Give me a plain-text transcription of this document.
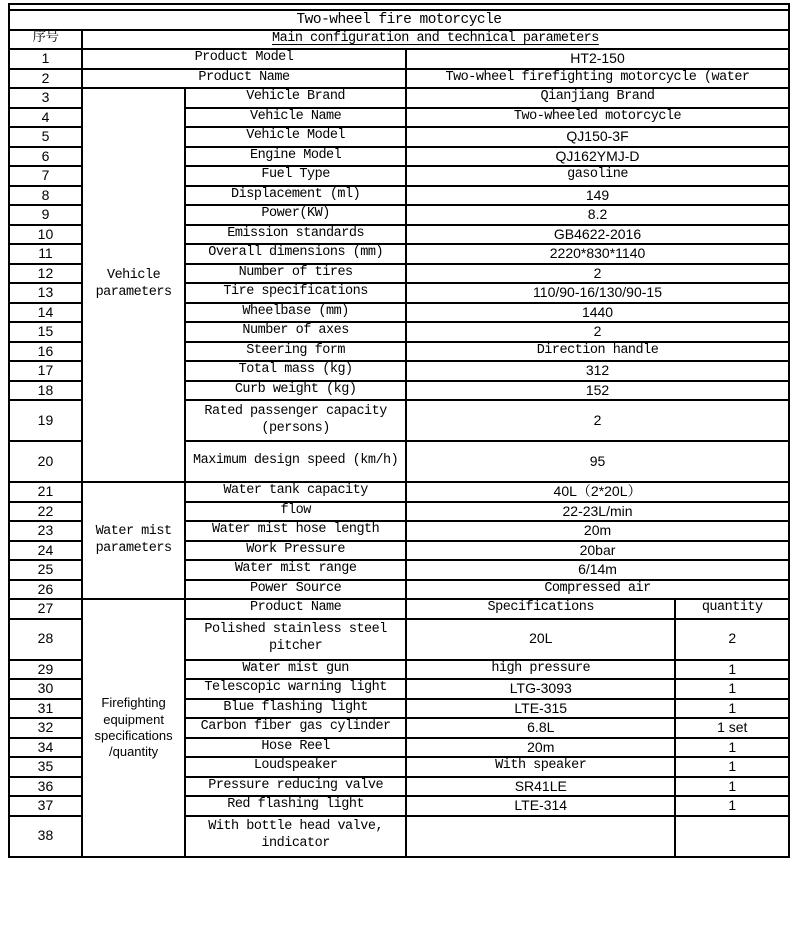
Two-wheel fire motorcycle				
序号	Main configuration and technical parameters			
1	Product Model		HT2-150	
2	Product Name		Two-wheel firefighting motorcycle (water	
3	Vehicle parameters	Vehicle Brand	Qianjiang Brand	
4		Vehicle Name	Two-wheeled motorcycle	
5		Vehicle Model	QJ150-3F	
6		Engine Model	QJ162YMJ-D	
7		Fuel Type	gasoline	
8		Displacement (ml)	149	
9		Power(KW)	8.2	
10		Emission standards	GB4622-2016	
11		Overall dimensions (mm)	2220*830*1140	
12		Number of tires	2	
13		Tire specifications	110/90-16/130/90-15	
14		Wheelbase (mm)	1440	
15		Number of axes	2	
16		Steering form	Direction handle	
17		Total mass (kg)	312	
18		Curb weight (kg)	152	
19		Rated passenger capacity (persons)	2	
20		Maximum design speed (km/h)	95	
21	Water mist parameters	Water tank capacity	40L（2*20L）	
22		flow	22-23L/min	
23		Water mist hose length	20m	
24		Work Pressure	20bar	
25		Water mist range	6/14m	
26		Power Source	Compressed air	
27	Firefighting equipment specifications /quantity	Product Name	Specifications	quantity
28		Polished stainless steel pitcher	20L	2
29		Water mist gun	high pressure	1
30		Telescopic warning light	LTG-3093	1
31		Blue flashing light	LTE-315	1
32		Carbon fiber gas cylinder	6.8L	1 set
34		Hose Reel	20m	1
35		Loudspeaker	With speaker	1
36		Pressure reducing valve	SR41LE	1
37		Red flashing light	LTE-314	1
38		With bottle head valve, indicator		
